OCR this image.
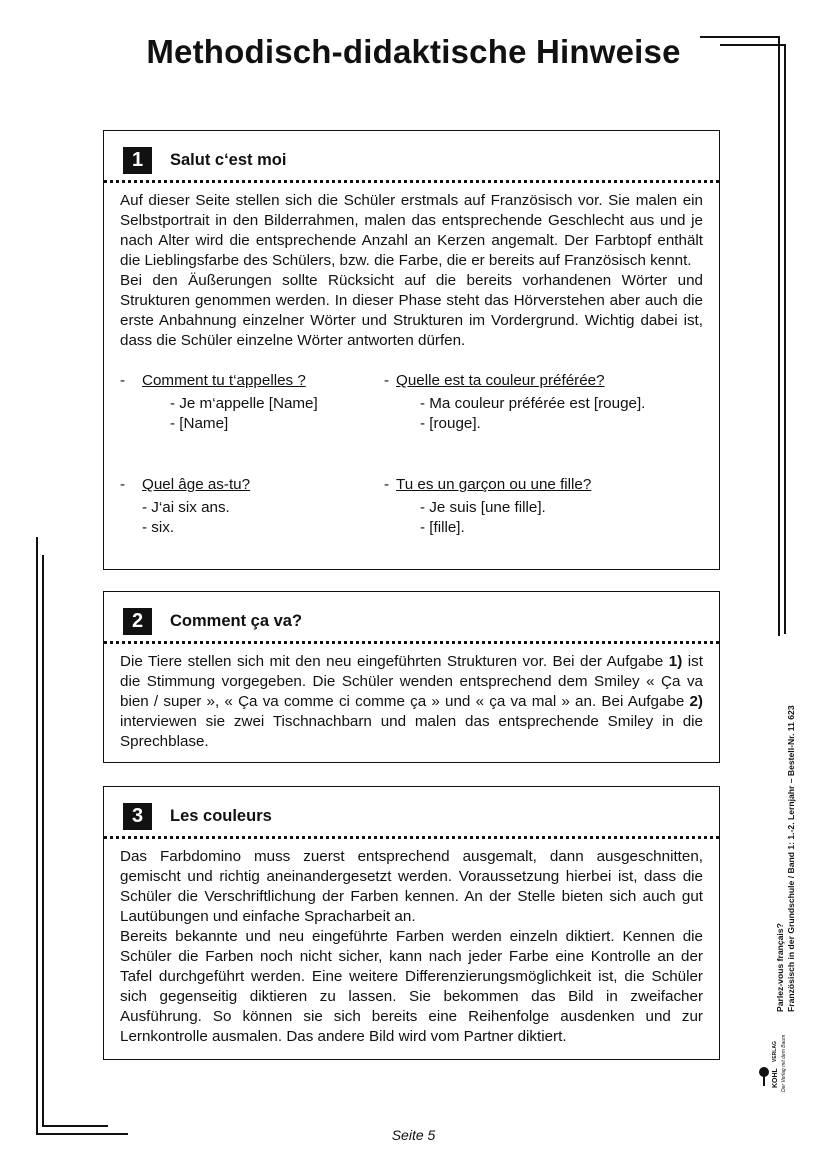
Methodisch-didaktische Hinweise
1	Salut c‘est moi

Auf dieser Seite stellen sich die Schüler erstmals auf Französisch vor. Sie malen ein Selbstportrait in den Bilderrahmen, malen das entsprechende Geschlecht aus und je nach Alter wird die entsprechende Anzahl an Kerzen angemalt. Der Farbtopf enthält die Lieblingsfarbe des Schülers, bzw. die Farbe, die er bereits auf Französisch kennt.

Bei den Äußerungen sollte Rücksicht auf die bereits vorhandenen Wörter und Strukturen genommen werden. In dieser Phase steht das Hörverstehen aber auch die erste Anbahnung einzelner Wörter und Strukturen im Vordergrund. Wichtig dabei ist, dass die Schüler einzelne Wörter antworten dürfen.

- Comment tu t‘appelles ?
- Je m‘appelle [Name]
- [Name]
- Quelle est ta couleur préférée?
- Ma couleur préférée est [rouge].
- [rouge].
- Quel âge as-tu?
- J‘ai six ans.
- six.
- Tu es un garçon ou une fille?
- Je suis [une fille].
- [fille].
2	Comment ça va?

Die Tiere stellen sich mit den neu eingeführten Strukturen vor. Bei der Aufgabe 1) ist die Stimmung vorgegeben. Die Schüler wenden entsprechend dem Smiley « Ça va bien / super », « Ça va comme ci comme ça » und « ça va mal » an. Bei Aufgabe 2) interviewen sie zwei Tischnachbarn und malen das entsprechende Smiley in die Sprechblase.

3	Les couleurs

Das Farbdomino muss zuerst entsprechend ausgemalt, dann ausgeschnitten, gemischt und richtig aneinandergesetzt werden. Voraussetzung hierbei ist, dass die Schüler die Verschriftlichung der Farben kennen. An der Stelle bieten sich auch gut Lautübungen und einfache Spracharbeit an.

Bereits bekannte und neu eingeführte Farben werden einzeln diktiert. Kennen die Schüler die Farben noch nicht sicher, kann nach jeder Farbe eine Kontrolle an der Tafel durchgeführt werden. Eine weitere Differenzierungsmöglichkeit ist, die Schüler sich gegenseitig diktieren zu lassen. Sie bekommen das Bild in zweifacher Ausführung. So können sie sich bereits eine Reihenfolge ausdenken und zur Lernkontrolle ausmalen. Das andere Bild wird vom Partner diktiert.

Parlez-vous français? Französisch in der Grundschule / Band 1: 1.-2. Lernjahr – Bestell-Nr. 11 623
KOHL
VERLAG Der Verlag mit dem Baum
Seite 5
